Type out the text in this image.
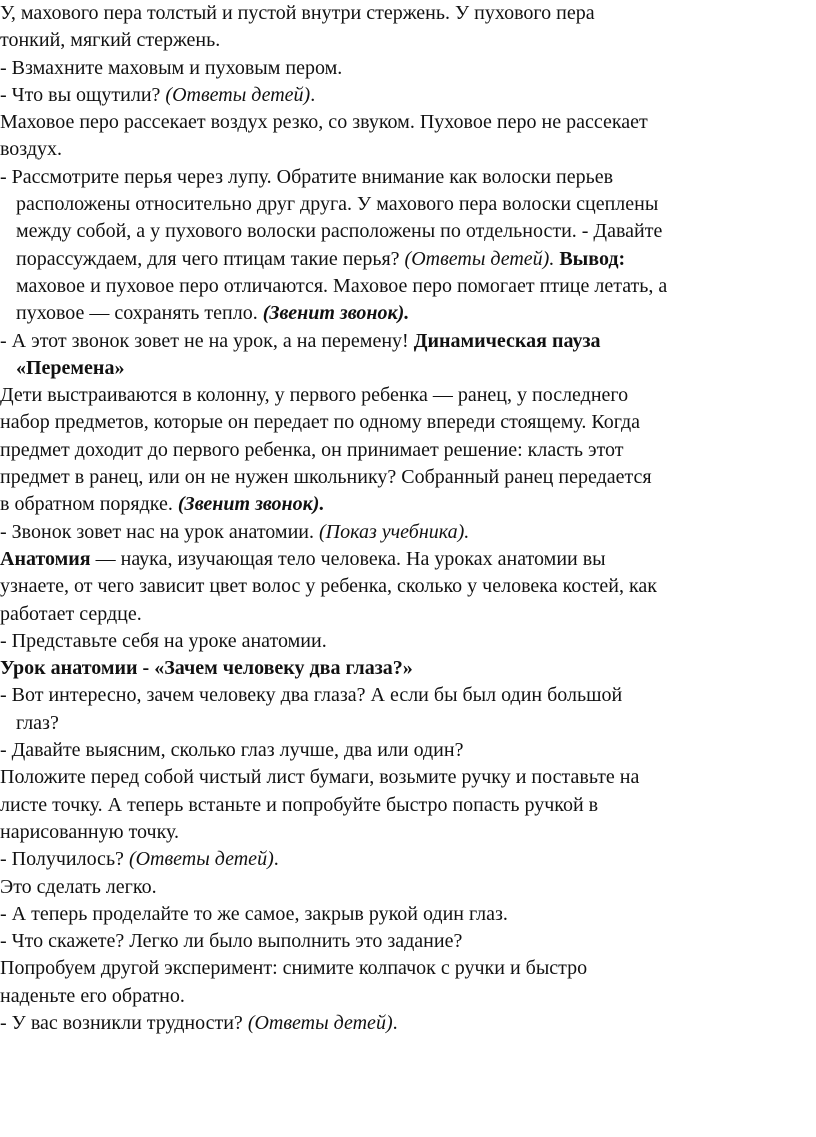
У, махового пера толстый и пустой внутри стержень. У пухового пера
тонкий, мягкий стержень.
- Взмахните маховым и пуховым пером.
- Что вы ощутили? (Ответы детей).
Маховое перо рассекает воздух резко, со звуком. Пуховое перо не рассекает
воздух.
- Рассмотрите перья через лупу. Обратите внимание как волоски перьев
расположены относительно друг друга. У махового пера волоски сцеплены
между собой, а у пухового волоски расположены по отдельности. - Давайте
порассуждаем, для чего птицам такие перья? (Ответы детей). Вывод:
маховое и пуховое перо отличаются. Маховое перо помогает птице летать, а
пуховое — сохранять тепло. (Звенит звонок).
- А этот звонок зовет не на урок, а на перемену! Динамическая пауза
«Перемена»
Дети выстраиваются в колонну, у первого ребенка — ранец, у последнего
набор предметов, которые он передает по одному впереди стоящему. Когда
предмет доходит до первого ребенка, он принимает решение: класть этот
предмет в ранец, или он не нужен школьнику? Собранный ранец передается
в обратном порядке. (Звенит звонок).
- Звонок зовет нас на урок анатомии. (Показ учебника).
Анатомия — наука, изучающая тело человека. На уроках анатомии вы
узнаете, от чего зависит цвет волос у ребенка, сколько у человека костей, как
работает сердце.
- Представьте себя на уроке анатомии.
Урок анатомии - «Зачем человеку два глаза?»
- Вот интересно, зачем человеку два глаза? А если бы был один большой
глаз?
- Давайте выясним, сколько глаз лучше, два или один?
Положите перед собой чистый лист бумаги, возьмите ручку и поставьте на
листе точку. А теперь встаньте и попробуйте быстро попасть ручкой в
нарисованную точку.
- Получилось? (Ответы детей).
Это сделать легко.
- А теперь проделайте то же самое, закрыв рукой один глаз.
- Что скажете? Легко ли было выполнить это задание?
Попробуем другой эксперимент: снимите колпачок с ручки и быстро
наденьте его обратно.
- У вас возникли трудности? (Ответы детей).
